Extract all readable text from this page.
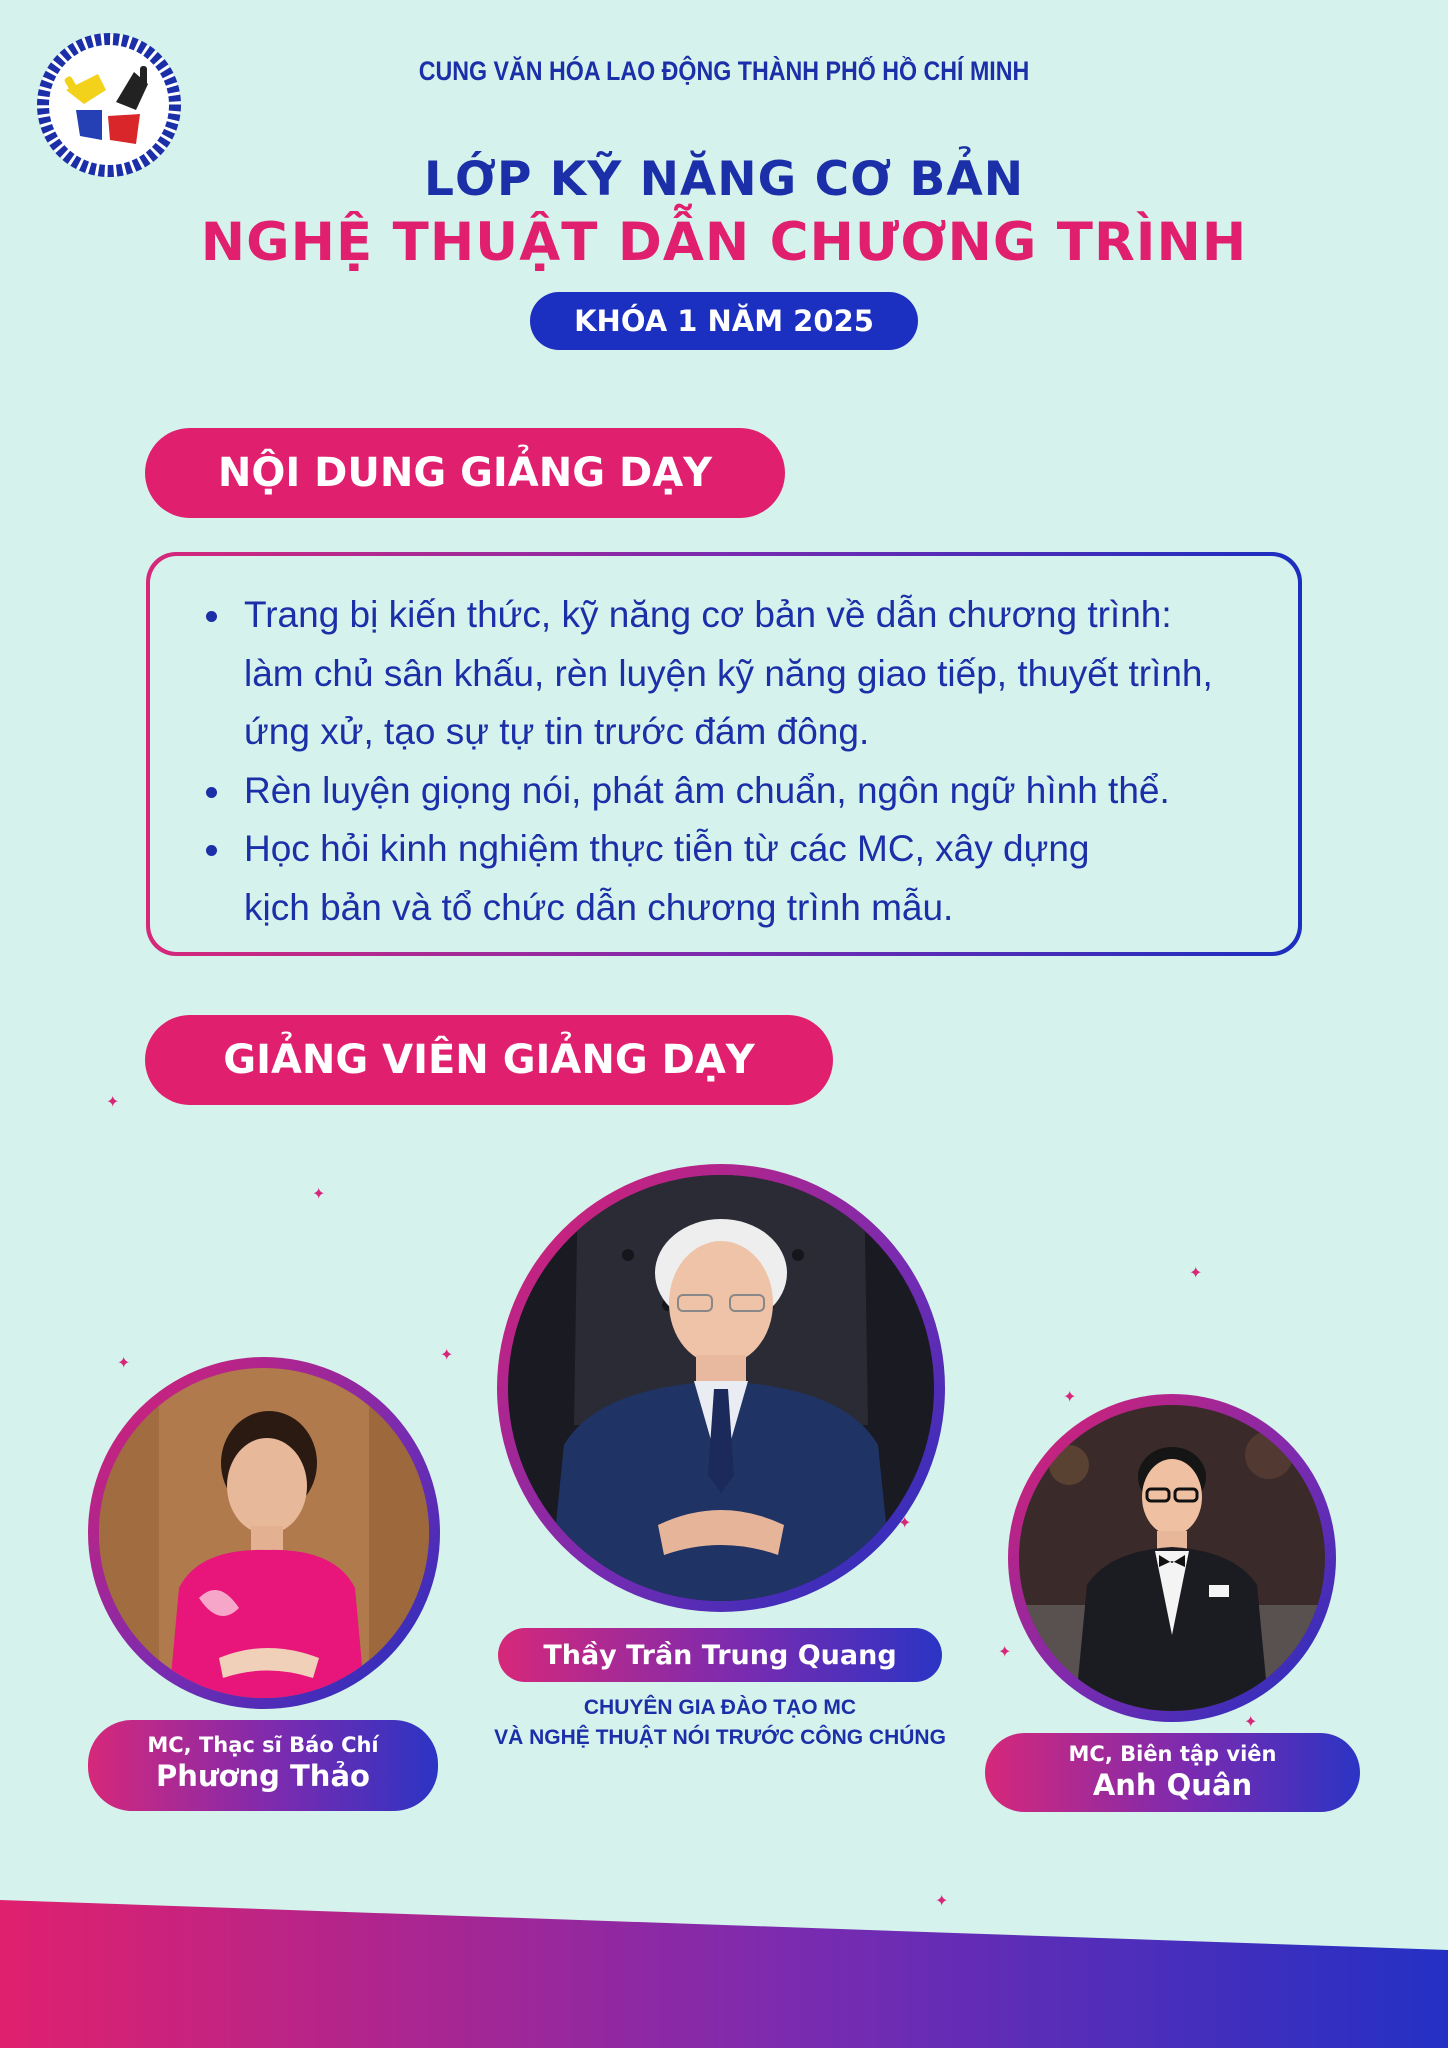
CUNG VĂN HÓA LAO ĐỘNG THÀNH PHỐ HỒ CHÍ MINH
LỚP KỸ NĂNG CƠ BẢN
NGHỆ THUẬT DẪN CHƯƠNG TRÌNH
KHÓA 1 NĂM 2025
NỘI DUNG GIẢNG DẠY
Trang bị kiến thức, kỹ năng cơ bản về dẫn chương trình:
làm chủ sân khấu, rèn luyện kỹ năng giao tiếp, thuyết trình,
ứng xử, tạo sự tự tin trước đám đông.
Rèn luyện giọng nói, phát âm chuẩn, ngôn ngữ hình thể.
Học hỏi kinh nghiệm thực tiễn từ các MC, xây dựng
kịch bản và tổ chức dẫn chương trình mẫu.
GIẢNG VIÊN GIẢNG DẠY
MC, Thạc sĩ Báo Chí
Phương Thảo
Thầy Trần Trung Quang
CHUYÊN GIA ĐÀO TẠO MC
VÀ NGHỆ THUẬT NÓI TRƯỚC CÔNG CHÚNG
MC, Biên tập viên
Anh Quân
✦
✦
✦
✦
✦
✦
✦
✦
✦
✦
